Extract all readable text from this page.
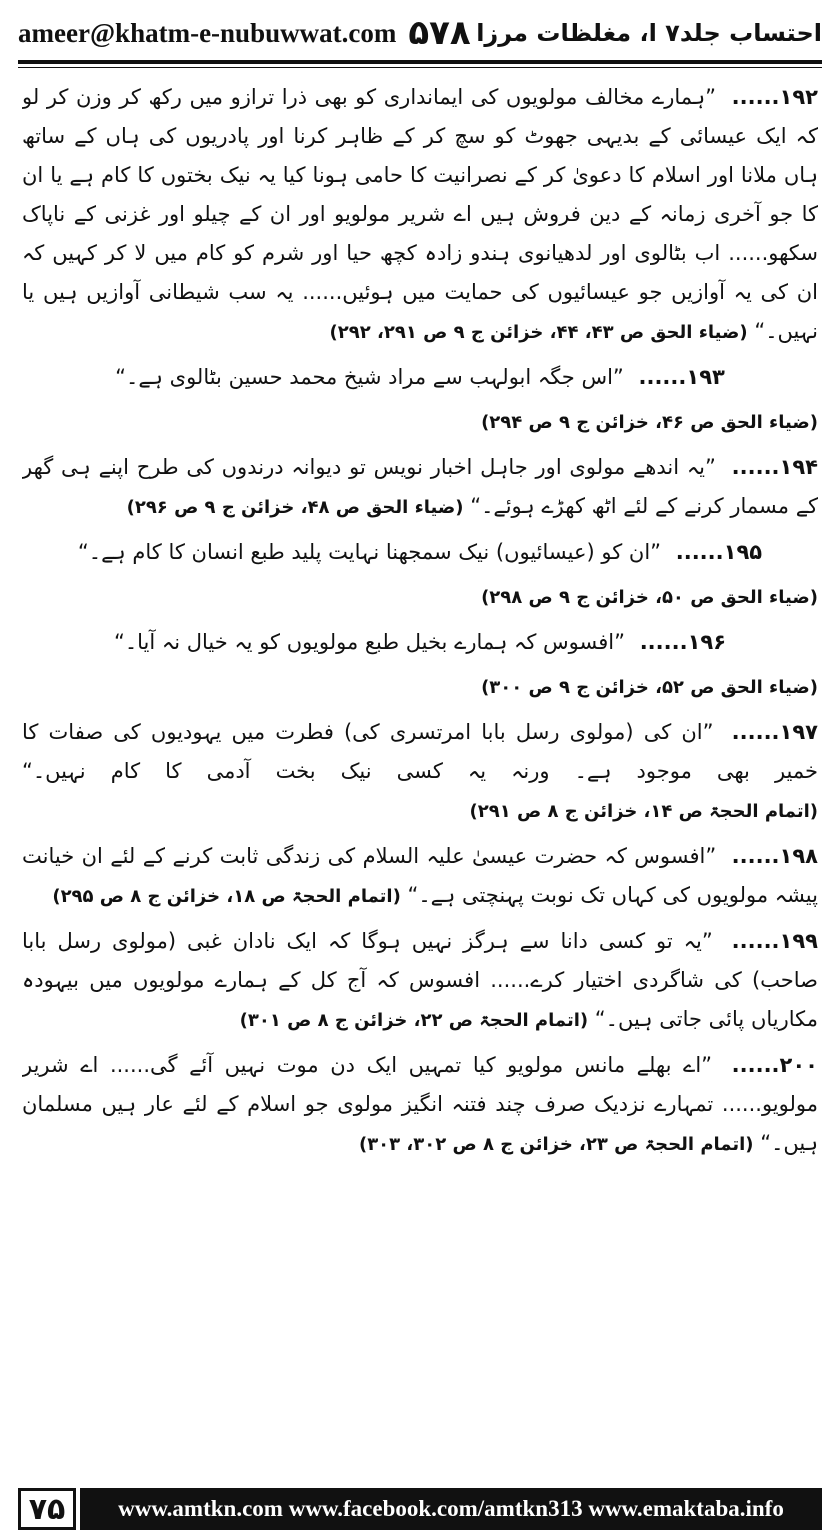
ameer@khatm-e-nubuwwat.com ۵۷۸ احتساب جلد۷ ا، مغلظات مرزا

۱۹۲...... ”ہمارے مخالف مولویوں کی ایمانداری کو بھی ذرا ترازو میں رکھ کر وزن کر لو کہ ایک عیسائی کے بدیہی جھوٹ کو سچ کر کے ظاہر کرنا اور پادریوں کی ہاں کے ساتھ ہاں ملانا اور اسلام کا دعویٰ کر کے نصرانیت کا حامی ہونا کیا یہ نیک بختوں کا کام ہے یا ان کا جو آخری زمانہ کے دین فروش ہیں اے شریر مولویو اور ان کے چیلو اور غزنی کے ناپاک سکھو...... اب بٹالوی اور لدھیانوی ہندو زادہ کچھ حیا اور شرم کو کام میں لا کر کہیں کہ ان کی یہ آوازیں جو عیسائیوں کی حمایت میں ہوئیں...... یہ سب شیطانی آوازیں ہیں یا نہیں۔“ (ضیاء الحق ص ۴۳، ۴۴، خزائن ج ۹ ص ۲۹۱، ۲۹۲)

۱۹۳...... ”اس جگہ ابولہب سے مراد شیخ محمد حسین بٹالوی ہے۔“

(ضیاء الحق ص ۴۶، خزائن ج ۹ ص ۲۹۴)

۱۹۴...... ”یہ اندھے مولوی اور جاہل اخبار نویس تو دیوانہ درندوں کی طرح اپنے ہی گھر کے مسمار کرنے کے لئے اٹھ کھڑے ہوئے۔“ (ضیاء الحق ص ۴۸، خزائن ج ۹ ص ۲۹۶)

۱۹۵...... ”ان کو (عیسائیوں) نیک سمجھنا نہایت پلید طبع انسان کا کام ہے۔“

(ضیاء الحق ص ۵۰، خزائن ج ۹ ص ۲۹۸)

۱۹۶...... ”افسوس کہ ہمارے بخیل طبع مولویوں کو یہ خیال نہ آیا۔“

(ضیاء الحق ص ۵۲، خزائن ج ۹ ص ۳۰۰)

۱۹۷...... ”ان کی (مولوی رسل بابا امرتسری کی) فطرت میں یہودیوں کی صفات کا خمیر بھی موجود ہے۔ ورنہ یہ کسی نیک بخت آدمی کا کام نہیں۔“ (اتمام الحجۃ ص ۱۴، خزائن ج ۸ ص ۲۹۱)

۱۹۸...... ”افسوس کہ حضرت عیسیٰ علیہ السلام کی زندگی ثابت کرنے کے لئے ان خیانت پیشہ مولویوں کی کہاں تک نوبت پہنچتی ہے۔“ (اتمام الحجۃ ص ۱۸، خزائن ج ۸ ص ۲۹۵)

۱۹۹...... ”یہ تو کسی دانا سے ہرگز نہیں ہوگا کہ ایک نادان غبی (مولوی رسل بابا صاحب) کی شاگردی اختیار کرے...... افسوس کہ آج کل کے ہمارے مولویوں میں بیہودہ مکاریاں پائی جاتی ہیں۔“ (اتمام الحجۃ ص ۲۲، خزائن ج ۸ ص ۳۰۱)

۲۰۰...... ”اے بھلے مانس مولویو کیا تمہیں ایک دن موت نہیں آئے گی...... اے شریر مولویو...... تمہارے نزدیک صرف چند فتنہ انگیز مولوی جو اسلام کے لئے عار ہیں مسلمان ہیں۔“ (اتمام الحجۃ ص ۲۳، خزائن ج ۸ ص ۳۰۲، ۳۰۳)

۷۵	www.amtkn.com www.facebook.com/amtkn313 www.emaktaba.info
